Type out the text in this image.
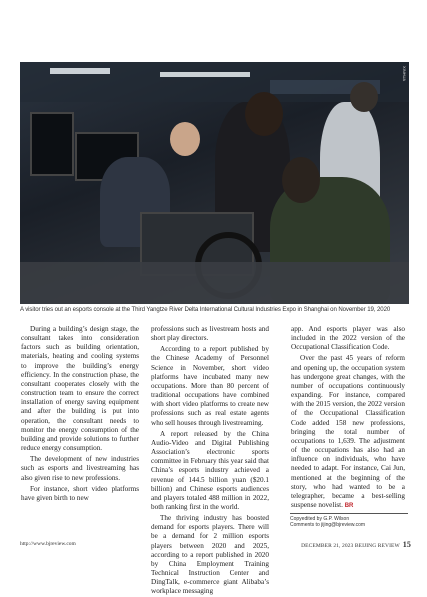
XINHUA
A visitor tries out an esports console at the Third Yangtze River Delta International Cultural Industries Expo in Shanghai on November 19, 2020

During a building’s design stage, the consultant takes into consideration factors such as building orientation, materials, heating and cooling systems to improve the building’s energy efficiency. In the construction phase, the consultant cooperates closely with the construction team to ensure the correct installation of energy saving equipment and after the building is put into operation, the consultant needs to monitor the energy consumption of the building and provide solutions to further reduce energy consumption.

The development of new industries such as esports and livestreaming has also given rise to new professions.

For instance, short video platforms have given birth to new

professions such as livestream hosts and short play directors.

According to a report published by the Chinese Academy of Personnel Science in November, short video platforms have incubated many new occupations. More than 80 percent of traditional occupations have combined with short video platforms to create new professions such as real estate agents who sell houses through livestreaming.

A report released by the China Audio-Video and Digital Publishing Association’s electronic sports committee in February this year said that China’s esports industry achieved a revenue of 144.5 billion yuan ($20.1 billion) and Chinese esports audiences and players totaled 488 million in 2022, both ranking first in the world.

The thriving industry has boosted demand for esports players. There will be a demand for 2 million esports players between 2020 and 2025, according to a report published in 2020 by China Employment Training Technical Instruction Center and DingTalk, e-commerce giant Alibaba’s workplace messaging

app. And esports player was also included in the 2022 version of the Occupational Classification Code.

Over the past 45 years of reform and opening up, the occupation system has undergone great changes, with the number of occupations continuously expanding. For instance, compared with the 2015 version, the 2022 version of the Occupational Classification Code added 158 new professions, bringing the total number of occupations to 1,639. The adjustment of the occupations has also had an influence on individuals, who have needed to adapt. For instance, Cai Jun, mentioned at the beginning of the story, who had wanted to be a telegrapher, became a best-selling suspense novelist. BR

Copyedited by G.P. Wilson
Comments to jijing@bjreview.com
http://www.bjreview.com	DECEMBER 21, 2023 BEIJING REVIEW 15
